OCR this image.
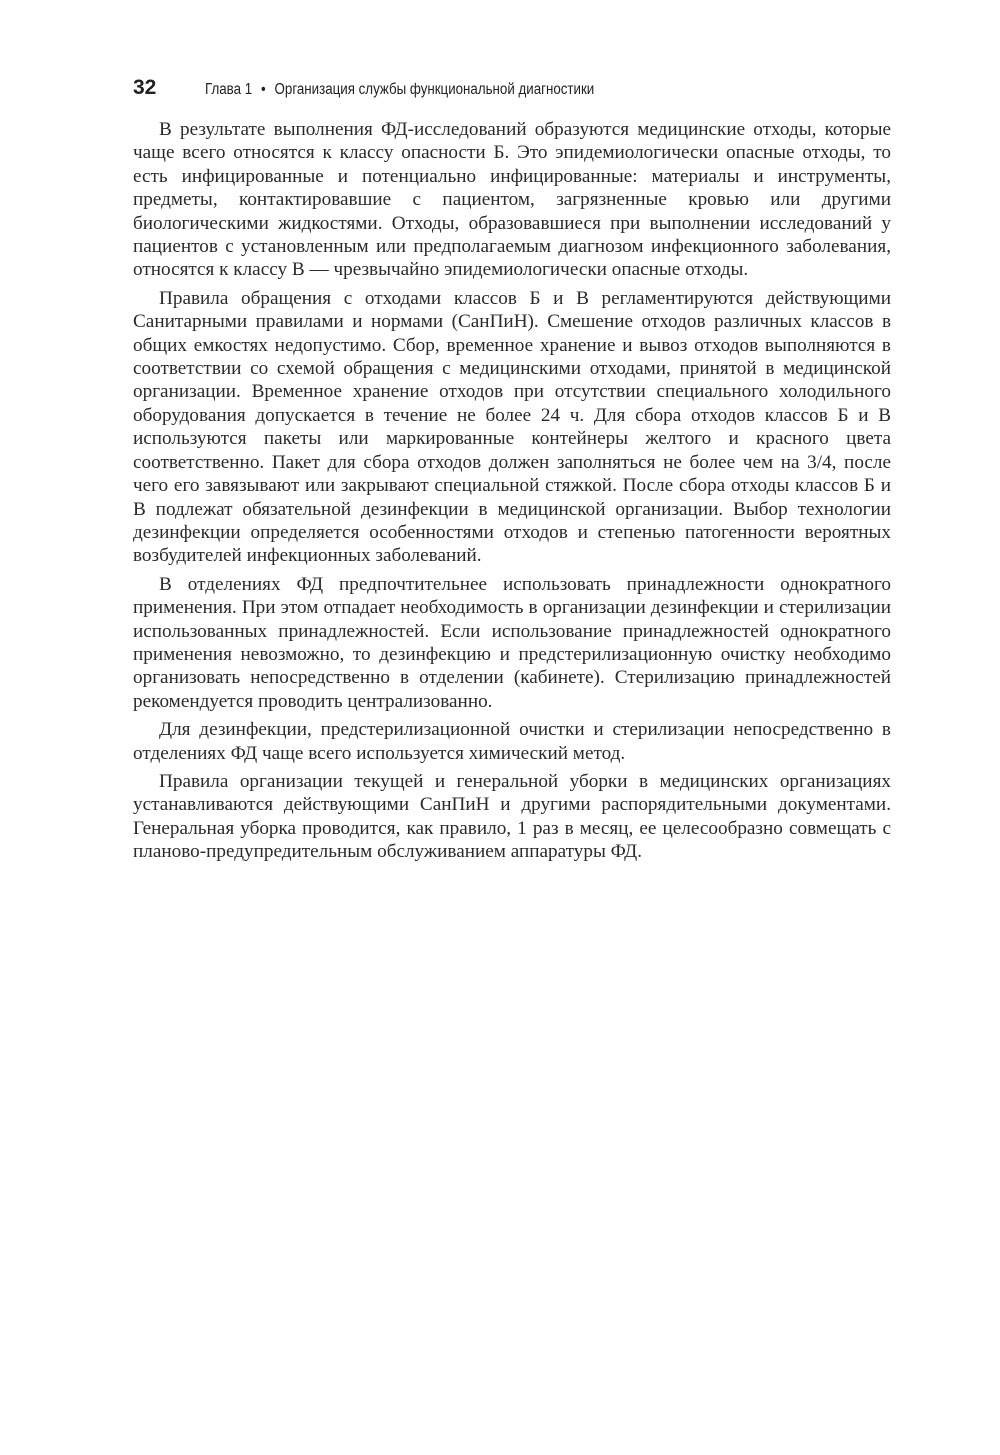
32	Глава 1 • Организация службы функциональной диагностики

В результате выполнения ФД-исследований образуются медицинские отходы, которые чаще всего относятся к классу опасности Б. Это эпидемиологически опасные отходы, то есть инфицированные и потенциально инфицированные: материалы и инструменты, предметы, контактировавшие с пациентом, загрязненные кровью или другими биологическими жидкостями. Отходы, образовавшиеся при выполнении исследований у пациентов с установленным или предполагаемым диагнозом инфекционного заболевания, относятся к классу В — чрезвычайно эпидемиологически опасные отходы.

Правила обращения с отходами классов Б и В регламентируются действующими Санитарными правилами и нормами (СанПиН). Смешение отходов различных классов в общих емкостях недопустимо. Сбор, временное хранение и вывоз отходов выполняются в соответствии со схемой обращения с медицинскими отходами, принятой в медицинской организации. Временное хранение отходов при отсутствии специального холодильного оборудования допускается в течение не более 24 ч. Для сбора отходов классов Б и В используются пакеты или маркированные контейнеры желтого и красного цвета соответственно. Пакет для сбора отходов должен заполняться не более чем на 3/4, после чего его завязывают или закрывают специальной стяжкой. После сбора отходы классов Б и В подлежат обязательной дезинфекции в медицинской организации. Выбор технологии дезинфекции определяется особенностями отходов и степенью патогенности вероятных возбудителей инфекционных заболеваний.

В отделениях ФД предпочтительнее использовать принадлежности однократного применения. При этом отпадает необходимость в организации дезинфекции и стерилизации использованных принадлежностей. Если использование принадлежностей однократного применения невозможно, то дезинфекцию и предстерилизационную очистку необходимо организовать непосредственно в отделении (кабинете). Стерилизацию принадлежностей рекомендуется проводить централизованно.

Для дезинфекции, предстерилизационной очистки и стерилизации непосредственно в отделениях ФД чаще всего используется химический метод.

Правила организации текущей и генеральной уборки в медицинских организациях устанавливаются действующими СанПиН и другими распорядительными документами. Генеральная уборка проводится, как правило, 1 раз в месяц, ее целесообразно совмещать с планово-предупредительным обслуживанием аппаратуры ФД.
